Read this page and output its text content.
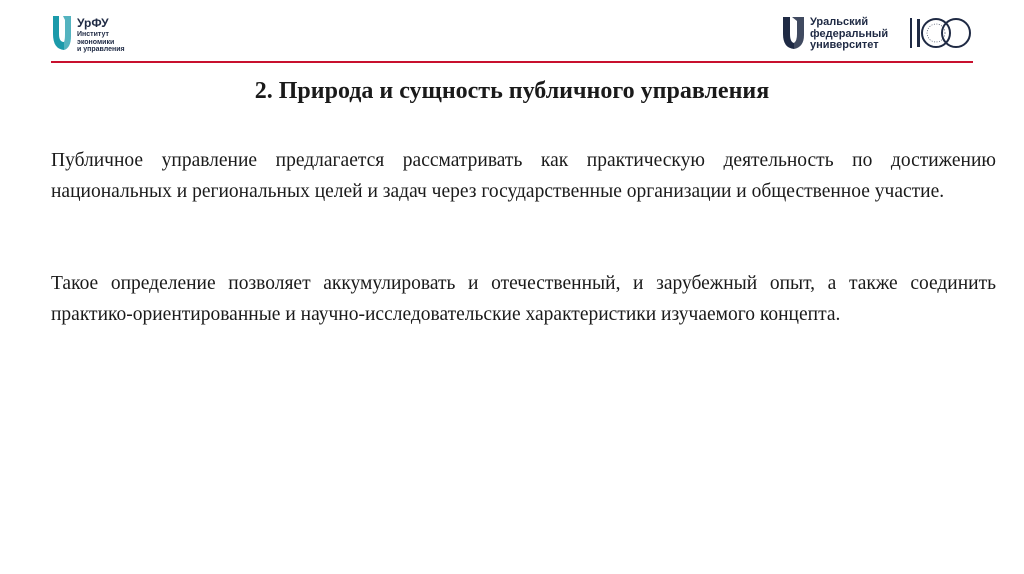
УрФУ
Институт
экономики
и управления
Уральский
федеральный
университет
2. Природа и сущность публичного управления

Публичное управление предлагается рассматривать как практическую деятельность по достижению национальных и региональных целей и задач через государственные организации и общественное участие.

Такое определение позволяет аккумулировать и отечественный, и зарубежный опыт, а также соединить практико-ориентированные и научно-исследовательские характеристики изучаемого концепта.
